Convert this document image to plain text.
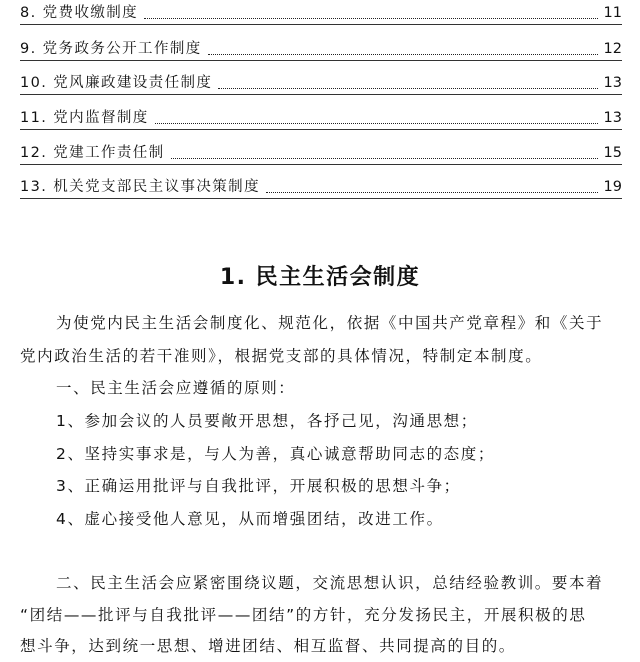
8. 党费收缴制度	11
9. 党务政务公开工作制度	12
10. 党风廉政建设责任制度	13
11. 党内监督制度	13
12. 党建工作责任制	15
13. 机关党支部民主议事决策制度	19
1. 民主生活会制度

为使党内民主生活会制度化、规范化，依据《中国共产党章程》和《关于

党内政治生活的若干准则》，根据党支部的具体情况，特制定本制度。

一、民主生活会应遵循的原则：

1、参加会议的人员要敞开思想，各抒己见，沟通思想；

2、坚持实事求是，与人为善，真心诚意帮助同志的态度；

3、正确运用批评与自我批评，开展积极的思想斗争；

4、虚心接受他人意见，从而增强团结，改进工作。

二、民主生活会应紧密围绕议题，交流思想认识，总结经验教训。要本着

“团结——批评与自我批评——团结”的方针，充分发扬民主，开展积极的思

想斗争，达到统一思想、增进团结、相互监督、共同提高的目的。
